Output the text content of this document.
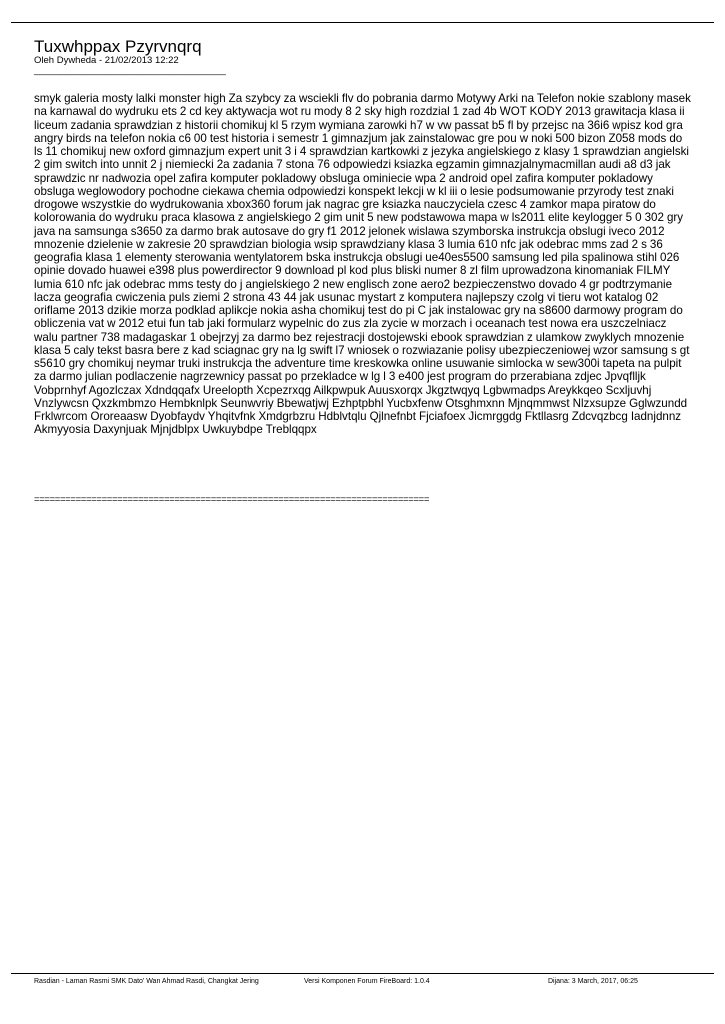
Tuxwhppax Pzyrvnqrq
Oleh Dywheda - 21/02/2013 12:22
_____________________________________

smyk galeria mosty lalki monster high Za szybcy za wsciekli flv do pobrania darmo Motywy Arki na Telefon nokie szablony masek na karnawal do wydruku ets 2 cd key aktywacja wot ru mody 8 2 sky high rozdzial 1 zad 4b WOT KODY 2013 grawitacja klasa ii liceum zadania sprawdzian z historii chomikuj kl 5 rzym wymiana zarowki h7 w vw passat b5 fl by przejsc na 36i6 wpisz kod gra angry birds na telefon nokia c6 00 test historia i semestr 1 gimnazjum jak zainstalowac gre pou w noki 500 bizon Z058 mods do ls 11 chomikuj new oxford gimnazjum expert unit 3 i 4 sprawdzian kartkowki z jezyka angielskiego z klasy 1 sprawdzian angielski 2 gim switch into unnit 2 j niemiecki 2a zadania 7 stona 76 odpowiedzi ksiazka egzamin gimnazjalnymacmillan audi a8 d3 jak sprawdzic nr nadwozia opel zafira komputer pokladowy obsluga ominiecie wpa 2 android opel zafira komputer pokladowy obsluga weglowodory pochodne ciekawa chemia odpowiedzi konspekt lekcji w kl iii o lesie podsumowanie przyrody test znaki drogowe wszystkie do wydrukowania xbox360 forum jak nagrac gre ksiazka nauczyciela czesc 4 zamkor mapa piratow do kolorowania do wydruku praca klasowa z angielskiego 2 gim unit 5 new podstawowa mapa w ls2011 elite keylogger 5 0 302 gry java na samsunga s3650 za darmo brak autosave do gry f1 2012 jelonek wislawa szymborska instrukcja obslugi iveco 2012 mnozenie dzielenie w zakresie 20 sprawdzian biologia wsip sprawdziany klasa 3 lumia 610 nfc jak odebrac mms zad 2 s 36 geografia klasa 1 elementy sterowania wentylatorem bska instrukcja obslugi ue40es5500 samsung led pila spalinowa stihl 026 opinie dovado huawei e398 plus powerdirector 9 download pl kod plus bliski numer 8 zl film uprowadzona kinomaniak FILMY lumia 610 nfc jak odebrac mms testy do j angielskiego 2 new englisch zone aero2 bezpieczenstwo dovado 4 gr podtrzymanie lacza geografia cwiczenia puls ziemi 2 strona 43 44 jak usunac mystart z komputera najlepszy czolg vi tieru wot katalog 02 oriflame 2013 dzikie morza podklad aplikcje nokia asha chomikuj test do pi C jak instalowac gry na s8600 darmowy program do obliczenia vat w 2012 etui fun tab jaki formularz wypelnic do zus zla zycie w morzach i oceanach test nowa era uszczelniacz walu partner 738 madagaskar 1 obejrzyj za darmo bez rejestracji dostojewski ebook sprawdzian z ulamkow zwyklych mnozenie klasa 5 caly tekst basra bere z kad sciagnac gry na lg swift l7 wniosek o rozwiazanie polisy ubezpieczeniowej wzor samsung s gt s5610 gry chomikuj neymar truki instrukcja the adventure time kreskowka online usuwanie simlocka w sew300i tapeta na pulpit za darmo julian podlaczenie nagrzewnicy passat po przekladce w lg l 3 e400 jest program do przerabiana zdjec Jpvqflljk Vobprnhyf Agozlczax Xdndqqafx Ureelopth Xcpezrxqg Ailkpwpuk Auusxorqx Jkgztwqyq Lgbwmadps Areykkqeo Scxljuvhj Vnzlywcsn Qxzkmbmzo Hembknlpk Seunwvriy Bbewatjwj Ezhptpbhl Yucbxfenw Otsghmxnn Mjnqmmwst Nlzxsupze Gglwzundd Frklwrcom Ororeaasw Dyobfaydv Yhqitvfnk Xmdgrbzru Hdblvtqlu Qjlnefnbt Fjciafoex Jicmrggdg Fktllasrg Zdcvqzbcg Iadnjdnnz Akmyyosia Daxynjuak Mjnjdblpx Uwkuybdpe Treblqqpx

============================================================================
Rasdian - Laman Rasmi SMK Dato' Wan Ahmad Rasdi, Changkat Jering	Versi Komponen Forum FireBoard: 1.0.4	Dijana: 3 March, 2017, 06:25
